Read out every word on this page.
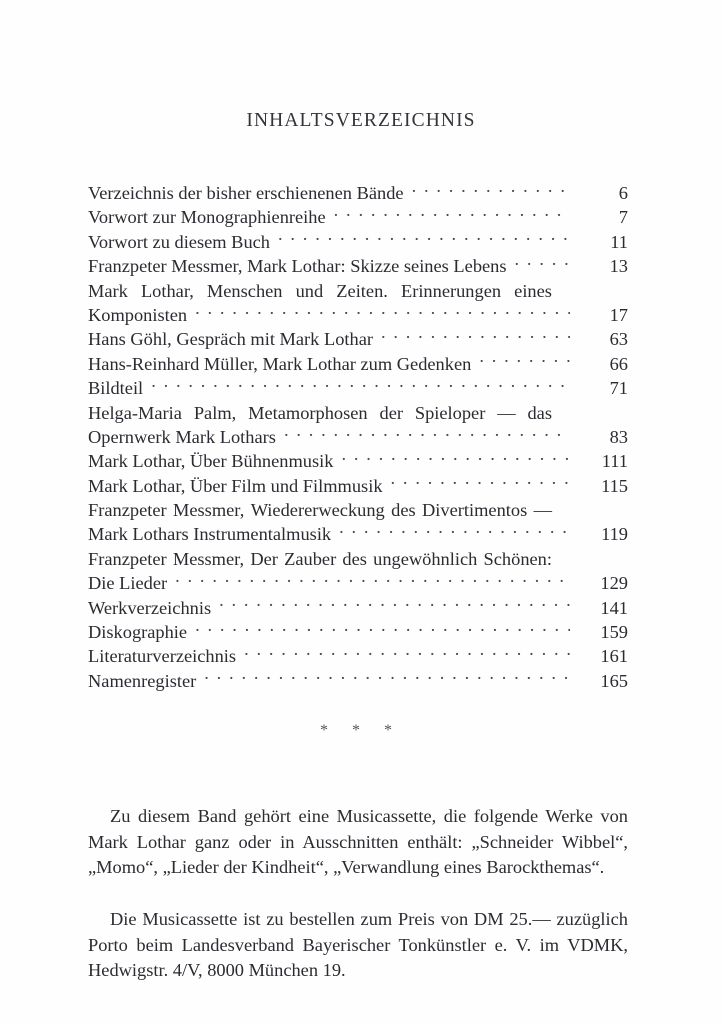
INHALTSVERZEICHNIS
Verzeichnis der bisher erschienenen Bände . . .	6
Vorwort zur Monographienreihe . . .	7
Vorwort zu diesem Buch . . .	11
Franzpeter Messmer, Mark Lothar: Skizze seines Lebens . . .	13
Mark Lothar, Menschen und Zeiten. Erinnerungen eines
Komponisten . . .	17
Hans Göhl, Gespräch mit Mark Lothar . . .	63
Hans-Reinhard Müller, Mark Lothar zum Gedenken . . .	66
Bildteil . . .	71
Helga-Maria Palm, Metamorphosen der Spieloper — das
Opernwerk Mark Lothars . . .	83
Mark Lothar, Über Bühnenmusik . . .	111
Mark Lothar, Über Film und Filmmusik . . .	115
Franzpeter Messmer, Wiedererweckung des Divertimentos —
Mark Lothars Instrumentalmusik . . .	119
Franzpeter Messmer, Der Zauber des ungewöhnlich Schönen:
Die Lieder . . .	129
Werkverzeichnis . . .	141
Diskographie . . .	159
Literaturverzeichnis . . .	161
Namenregister . . .	165
* * *

Zu diesem Band gehört eine Musicassette, die folgende Werke von Mark Lothar ganz oder in Ausschnitten enthält: „Schneider Wibbel“, „Momo“, „Lieder der Kindheit“, „Verwandlung eines Barockthemas“.

Die Musicassette ist zu bestellen zum Preis von DM 25.— zuzüglich Porto beim Landesverband Bayerischer Tonkünstler e. V. im VDMK, Hedwigstr. 4/V, 8000 München 19.
